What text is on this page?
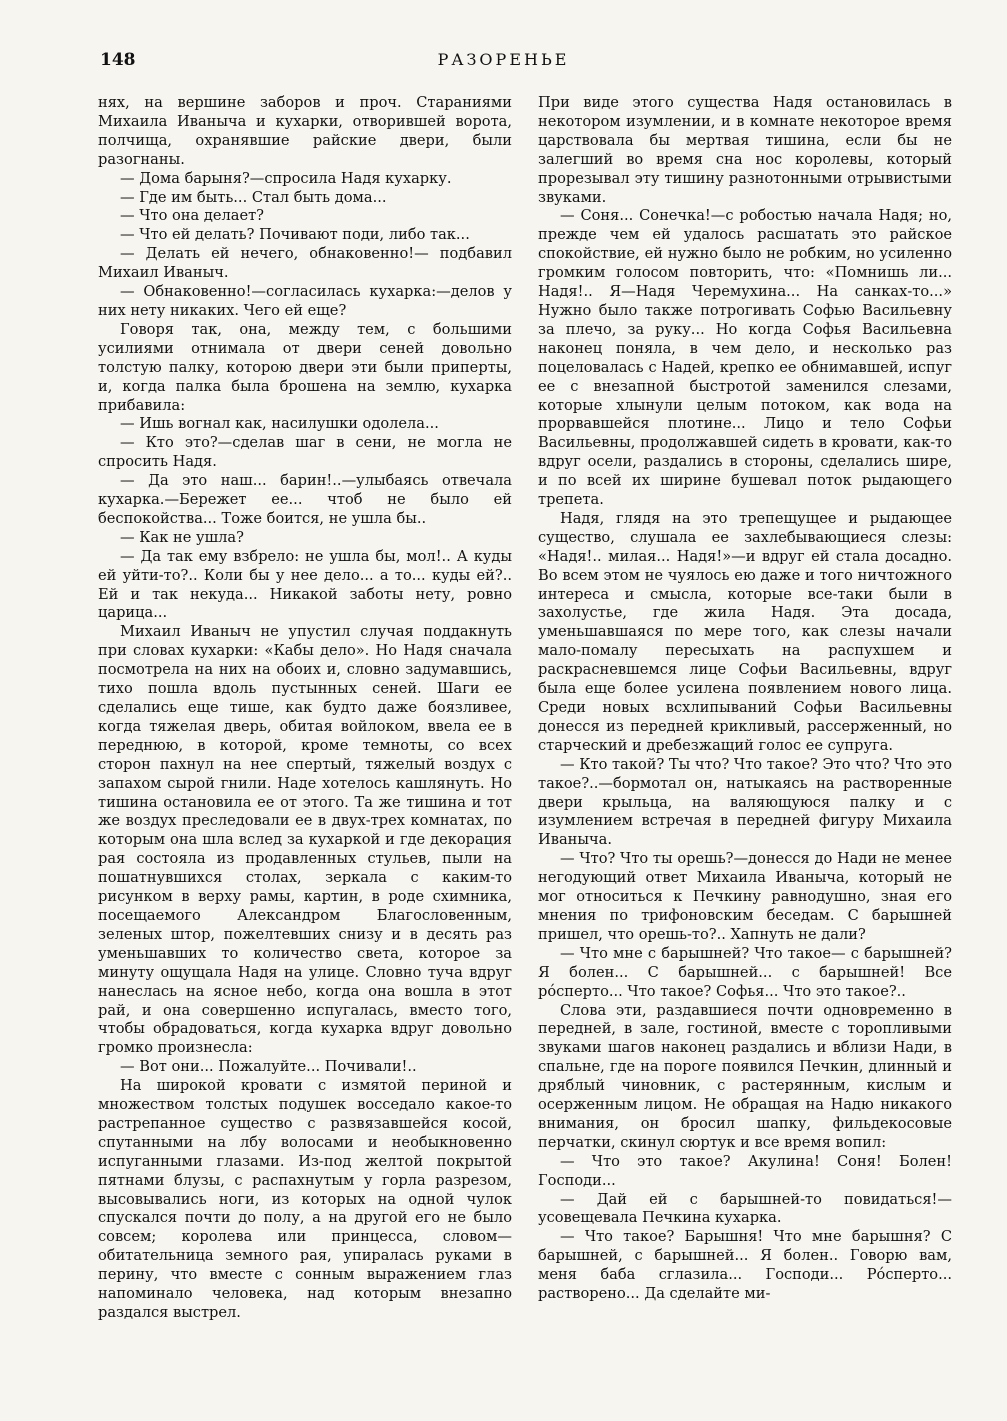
148	РАЗОРЕНЬЕ

нях, на вершине заборов и проч. Стараниями Михаила Иваныча и кухарки, отворившей ворота, полчища, охранявшие райские двери, были разогнаны.

— Дома барыня?—спросила Надя кухарку.

— Где им быть... Стал быть дома...

— Что она делает?

— Что ей делать? Почивают поди, либо так...

— Делать ей нечего, обнаковенно!— подбавил Михаил Иваныч.

— Обнаковенно!—согласилась кухарка:—делов у них нету никаких. Чего ей еще?

Говоря так, она, между тем, с большими усилиями отнимала от двери сеней довольно толстую палку, которою двери эти были приперты, и, когда палка была брошена на землю, кухарка прибавила:

— Ишь вогнал как, насилушки одолела...

— Кто это?—сделав шаг в сени, не могла не спросить Надя.

— Да это наш... барин!..—улыбаясь отвечала кухарка.—Бережет ее... чтоб не было ей беспокойства... Тоже боится, не ушла бы..

— Как не ушла?

— Да так ему взбрело: не ушла бы, мол!.. А куды ей уйти-то?.. Коли бы у нее дело... а то... куды ей?.. Ей и так некуда... Никакой заботы нету, ровно царица...

Михаил Иваныч не упустил случая поддакнуть при словах кухарки: «Кабы дело». Но Надя сначала посмотрела на них на обоих и, словно задумавшись, тихо пошла вдоль пустынных сеней. Шаги ее сделались еще тише, как будто даже боязливее, когда тяжелая дверь, обитая войлоком, ввела ее в переднюю, в которой, кроме темноты, со всех сторон пахнул на нее спертый, тяжелый воздух с запахом сырой гнили. Наде хотелось кашлянуть. Но тишина остановила ее от этого. Та же тишина и тот же воздух преследовали ее в двух-трех комнатах, по которым она шла вслед за кухаркой и где декорация рая состояла из продавленных стульев, пыли на пошатнувшихся столах, зеркала с каким-то рисунком в верху рамы, картин, в роде схимника, посещаемого Александром Благословенным, зеленых штор, пожелтевших снизу и в десять раз уменьшавших то количество света, которое за минуту ощущала Надя на улице. Словно туча вдруг нанеслась на ясное небо, когда она вошла в этот рай, и она совершенно испугалась, вместо того, чтобы обрадоваться, когда кухарка вдруг довольно громко произнесла:

— Вот они... Пожалуйте... Почивали!..

На широкой кровати с измятой периной и множеством толстых подушек восседало какое-то растрепанное существо с развязавшейся косой, спутанными на лбу волосами и необыкновенно испуганными глазами. Из-под желтой покрытой пятнами блузы, с распахнутым у горла разрезом, высовывались ноги, из которых на одной чулок спускался почти до полу, а на другой его не было совсем; королева или принцесса, словом—обитательница земного рая, упиралась руками в перину, что вместе с сонным выражением глаз напоминало человека, над которым внезапно раздался выстрел.

При виде этого существа Надя остановилась в некотором изумлении, и в комнате некоторое время царствовала бы мертвая тишина, если бы не залегший во время сна нос королевы, который прорезывал эту тишину разнотонными отрывистыми звуками.

— Соня... Сонечка!—с робостью начала Надя; но, прежде чем ей удалось расшатать это райское спокойствие, ей нужно было не робким, но усиленно громким голосом повторить, что: «Помнишь ли... Надя!.. Я—Надя Черемухина... На санках-то...» Нужно было также потрогивать Софью Васильевну за плечо, за руку... Но когда Софья Васильевна наконец поняла, в чем дело, и несколько раз поцеловалась с Надей, крепко ее обнимавшей, испуг ее с внезапной быстротой заменился слезами, которые хлынули целым потоком, как вода на прорвавшейся плотине... Лицо и тело Софьи Васильевны, продолжавшей сидеть в кровати, как-то вдруг осели, раздались в стороны, сделались шире, и по всей их ширине бушевал поток рыдающего трепета.

Надя, глядя на это трепещущее и рыдающее существо, слушала ее захлебывающиеся слезы: «Надя!.. милая... Надя!»—и вдруг ей стала досадно. Во всем этом не чуялось ею даже и того ничтожного интереса и смысла, которые все-таки были в захолустье, где жила Надя. Эта досада, уменьшавшаяся по мере того, как слезы начали мало-помалу пересыхать на распухшем и раскрасневшемся лице Софьи Васильевны, вдруг была еще более усилена появлением нового лица. Среди новых всхлипываний Софьи Васильевны донесся из передней крикливый, рассерженный, но старческий и дребезжащий голос ее супруга.

— Кто такой? Ты что? Что такое? Это что? Что это такое?..—бормотал он, натыкаясь на растворенные двери крыльца, на валяющуюся палку и с изумлением встречая в передней фигуру Михаила Иваныча.

— Что? Что ты орешь?—донесся до Нади не менее негодующий ответ Михаила Иваныча, который не мог относиться к Печкину равнодушно, зная его мнения по трифоновским беседам. С барышней пришел, что орешь-то?.. Хапнуть не дали?

— Что мне с барышней? Что такое— с барышней? Я болен... С барышней... с барышней! Все рóсперто... Что такое? Софья... Что это такое?..

Слова эти, раздавшиеся почти одновременно в передней, в зале, гостиной, вместе с торопливыми звуками шагов наконец раздались и вблизи Нади, в спальне, где на пороге появился Печкин, длинный и дряблый чиновник, с растерянным, кислым и осерженным лицом. Не обращая на Надю никакого внимания, он бросил шапку, фильдекосовые перчатки, скинул сюртук и все время вопил:

— Что это такое? Акулина! Соня! Болен! Господи...

— Дай ей с барышней-то повидаться!— усовещевала Печкина кухарка.

— Что такое? Барышня! Что мне барышня? С барышней, с барышней... Я болен.. Говорю вам, меня баба сглазила... Господи... Рóсперто... растворено... Да сделайте ми-
